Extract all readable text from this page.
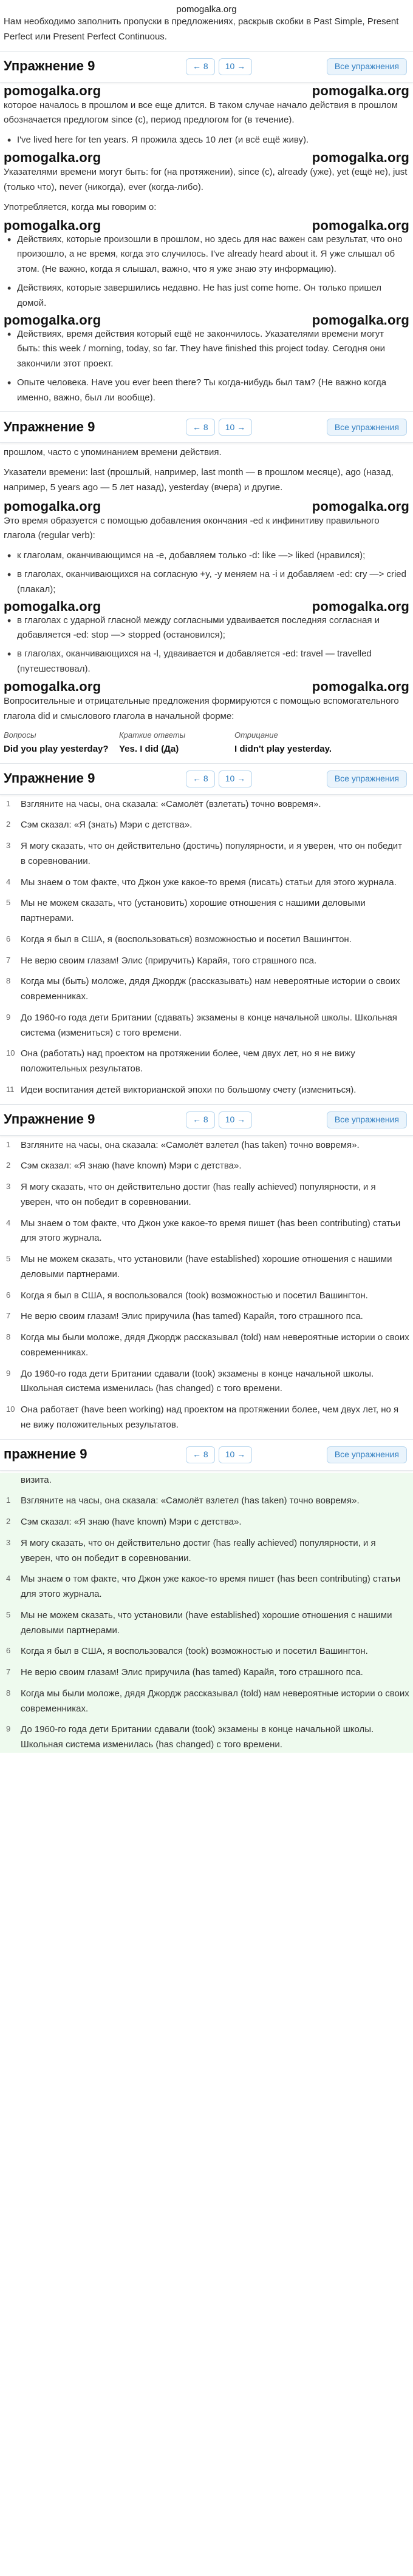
pomogalka.org

Нам необходимо заполнить пропуски в предложениях, раскрыв скобки в Past Simple, Present Perfect или Present Perfect Continuous.

Упражнение 9	← 8	10 →	Все упражнения
pomogalka.org	pomogalka.org

которое началось в прошлом и все еще длится. В таком случае начало действия в прошлом обозначается предлогом since (с), период предлогом for (в течение).

• I've lived here for ten years. Я прожила здесь 10 лет (и всё ещё живу).
pomogalka.org	pomogalka.org

Указателями времени могут быть: for (на протяжении), since (с), already (уже), yet (ещё не), just (только что), never (никогда), ever (когда-либо).

Употребляется, когда мы говорим о:

pomogalka.org	pomogalka.org
• Действиях, которые произошли в прошлом, но здесь для нас важен сам результат, что оно произошло, а не время, когда это случилось. I've already heard about it. Я уже слышал об этом. (Не важно, когда я слышал, важно, что я уже знаю эту информацию).
• Действиях, которые завершились недавно. He has just come home. Он только пришел домой.
pomogalka.org	pomogalka.org
• Действиях, время действия который ещё не закончилось. Указателями времени могут быть: this week / morning, today, so far. They have finished this project today. Сегодня они закончили этот проект.
• Опыте человека. Have you ever been there? Ты когда-нибудь был там? (Не важно когда именно, важно, был ли вообще).
Упражнение 9	← 8	10 →	Все упражнения

прошлом, часто с упоминанием времени действия.

Указатели времени: last (прошлый, например, last month — в прошлом месяце), ago (назад, например, 5 years ago — 5 лет назад), yesterday (вчера) и другие.

pomogalka.org	pomogalka.org

Это время образуется с помощью добавления окончания -ed к инфинитиву правильного глагола (regular verb):

• к глаголам, оканчивающимся на -е, добавляем только -d: like —> liked (нравился);
• в глаголах, оканчивающихся на согласную +y, -y меняем на -i и добавляем -ed: cry —> cried (плакал);
pomogalka.org	pomogalka.org
• в глаголах с ударной гласной между согласными удваивается последняя согласная и добавляется -ed: stop —> stopped (остановился);
• в глаголах, оканчивающихся на -l, удваивается и добавляется -ed: travel — travelled (путешествовал).
pomogalka.org	pomogalka.org

Вопросительные и отрицательные предложения формируются с помощью вспомогательного глагола did и смыслового глагола в начальной форме:

Вопросы	Краткие ответы	Отрицание
Did you play yesterday?	Yes. I did (Да)	I didn't play yesterday.
Упражнение 9	← 8	10 →	Все упражнения
1	Взгляните на часы, она сказала: «Самолёт (взлетать) точно вовремя».
2	Сэм сказал: «Я (знать) Мэри с детства».
3	Я могу сказать, что он действительно (достичь) популярности, и я уверен, что он победит в соревновании.
4	Мы знаем о том факте, что Джон уже какое-то время (писать) статьи для этого журнала.
5	Мы не можем сказать, что (установить) хорошие отношения с нашими деловыми партнерами.
6	Когда я был в США, я (воспользоваться) возможностью и посетил Вашингтон.
7	Не верю своим глазам! Элис (приручить) Карайя, того страшного пса.
8	Когда мы (быть) моложе, дядя Джордж (рассказывать) нам невероятные истории о своих современниках.
9	До 1960-го года дети Британии (сдавать) экзамены в конце начальной школы. Школьная система (измениться) с того времени.
10 Она (работать) над проектом на протяжении более, чем двух лет, но я не вижу положительных результатов.
11 Идеи воспитания детей викторианской эпохи по большому счету (измениться).
Упражнение 9	← 8	10 →	Все упражнения
1	Взгляните на часы, она сказала: «Самолёт взлетел (has taken) точно вовремя».
2	Сэм сказал: «Я знаю (have known) Мэри с детства».
3	Я могу сказать, что он действительно достиг (has really achieved) популярности, и я уверен, что он победит в соревновании.
4	Мы знаем о том факте, что Джон уже какое-то время пишет (has been contributing) статьи для этого журнала.
5	Мы не можем сказать, что установили (have established) хорошие отношения с нашими деловыми партнерами.
6	Когда я был в США, я воспользовался (took) возможностью и посетил Вашингтон.
7	Не верю своим глазам! Элис приручила (has tamed) Карайя, того страшного пса.
8	Когда мы были моложе, дядя Джордж рассказывал (told) нам невероятные истории о своих современниках.
9	До 1960-го года дети Британии сдавали (took) экзамены в конце начальной школы. Школьная система изменилась (has changed) с того времени.
10 Она работает (have been working) над проектом на протяжении более, чем двух лет, но я не вижу положительных результатов.
пражнение 9	← 8	10 →	Все упражнения
визита.
1	Взгляните на часы, она сказала: «Самолёт взлетел (has taken) точно вовремя».
2	Сэм сказал: «Я знаю (have known) Мэри с детства».
3	Я могу сказать, что он действительно достиг (has really achieved) популярности, и я уверен, что он победит в соревновании.
4	Мы знаем о том факте, что Джон уже какое-то время пишет (has been contributing) статьи для этого журнала.
5	Мы не можем сказать, что установили (have established) хорошие отношения с нашими деловыми партнерами.
6	Когда я был в США, я воспользовался (took) возможностью и посетил Вашингтон.
7	Не верю своим глазам! Элис приручила (has tamed) Карайя, того страшного пса.
8	Когда мы были моложе, дядя Джордж рассказывал (told) нам невероятные истории о своих современниках.
9	До 1960-го года дети Британии сдавали (took) экзамены в конце начальной школы. Школьная система изменилась (has changed) с того времени.
